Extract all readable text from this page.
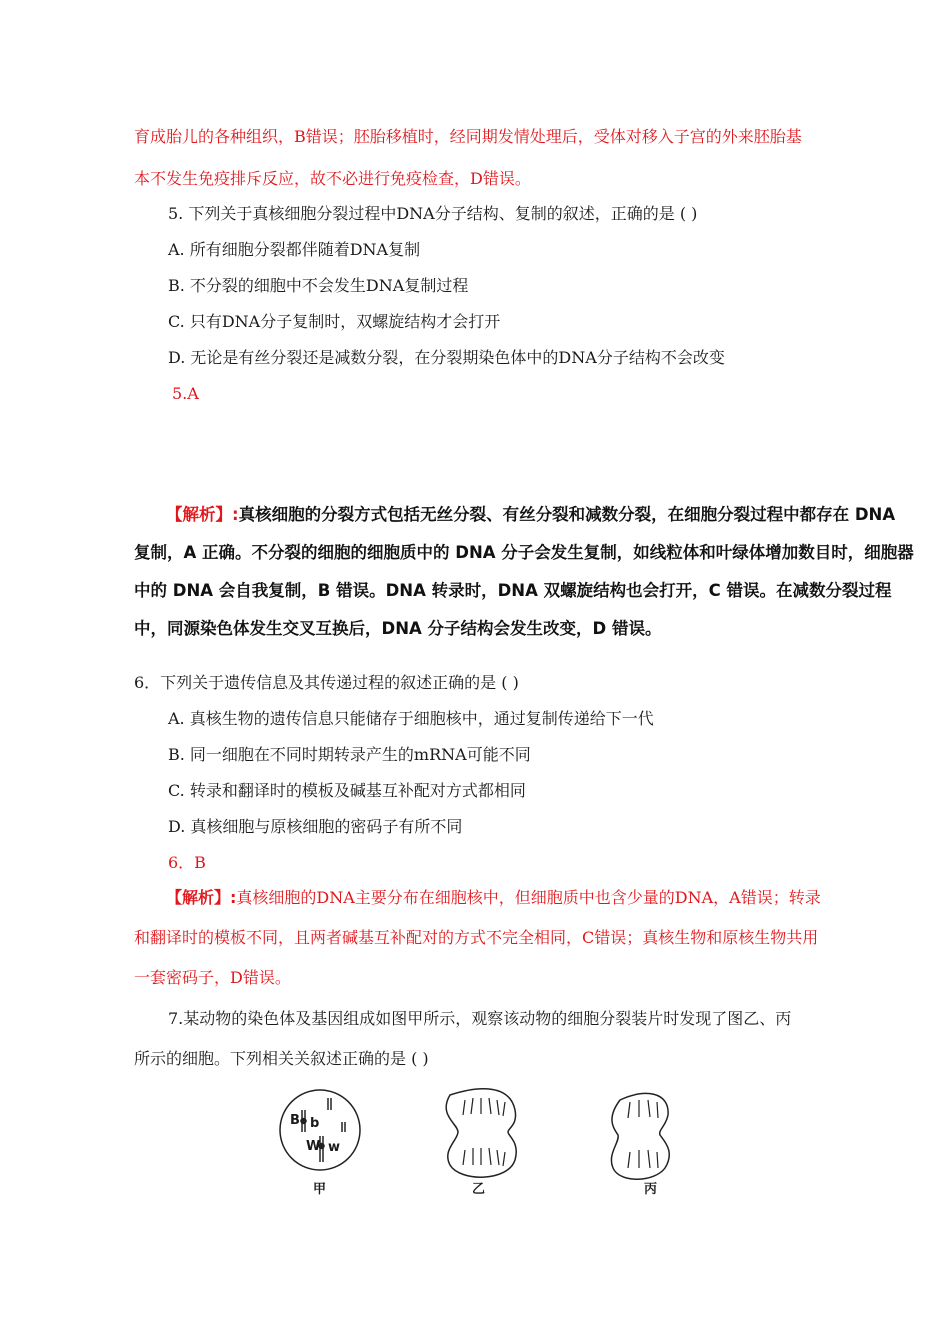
育成胎儿的各种组织，B错误；胚胎移植时，经同期发情处理后，受体对移入子宫的外来胚胎基
本不发生免疫排斥反应，故不必进行免疫检查，D错误。
5. 下列关于真核细胞分裂过程中DNA分子结构、复制的叙述，正确的是 ( )
A. 所有细胞分裂都伴随着DNA复制
B. 不分裂的细胞中不会发生DNA复制过程
C. 只有DNA分子复制时，双螺旋结构才会打开
D. 无论是有丝分裂还是减数分裂，在分裂期染色体中的DNA分子结构不会改变
5.A
【解析】:真核细胞的分裂方式包括无丝分裂、有丝分裂和减数分裂，在细胞分裂过程中都存在 DNA 复制，A 正确。不分裂的细胞的细胞质中的 DNA 分子会发生复制，如线粒体和叶绿体增加数目时，细胞器中的 DNA 会自我复制，B 错误。DNA 转录时，DNA 双螺旋结构也会打开，C 错误。在减数分裂过程中，同源染色体发生交叉互换后，DNA 分子结构会发生改变，D 错误。
6．下列关于遗传信息及其传递过程的叙述正确的是 ( )
A. 真核生物的遗传信息只能储存于细胞核中，通过复制传递给下一代
B. 同一细胞在不同时期转录产生的mRNA可能不同
C. 转录和翻译时的模板及碱基互补配对方式都相同
D. 真核细胞与原核细胞的密码子有所不同
6．B
【解析】:真核细胞的DNA主要分布在细胞核中，但细胞质中也含少量的DNA，A错误；转录和翻译时的模板不同，且两者碱基互补配对的方式不完全相同，C错误；真核生物和原核生物共用一套密码子，D错误。
7.某动物的染色体及基因组成如图甲所示，观察该动物的细胞分裂装片时发现了图乙、丙
所示的细胞。下列相关关叙述正确的是 ( )
B b
W w
甲	乙	丙
